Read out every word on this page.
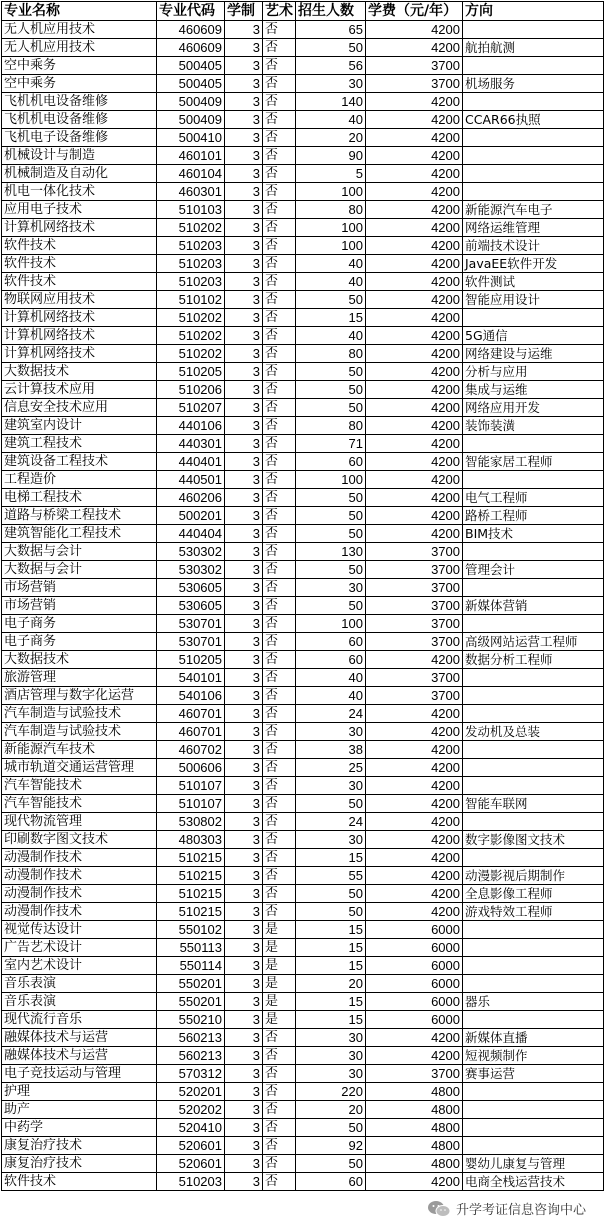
专业名称	专业代码	学制	艺术	招生人数	学费（元/年）	方向
无人机应用技术	460609	3	否	65	4200	
无人机应用技术	460609	3	否	50	4200	航拍航测
空中乘务	500405	3	否	56	3700	
空中乘务	500405	3	否	30	3700	机场服务
飞机机电设备维修	500409	3	否	140	4200	
飞机机电设备维修	500409	3	否	40	4200	CCAR66执照
飞机电子设备维修	500410	3	否	20	4200	
机械设计与制造	460101	3	否	90	4200	
机械制造及自动化	460104	3	否	5	4200	
机电一体化技术	460301	3	否	100	4200	
应用电子技术	510103	3	否	80	4200	新能源汽车电子
计算机网络技术	510202	3	否	100	4200	网络运维管理
软件技术	510203	3	否	100	4200	前端技术设计
软件技术	510203	3	否	40	4200	JavaEE软件开发
软件技术	510203	3	否	40	4200	软件测试
物联网应用技术	510102	3	否	50	4200	智能应用设计
计算机网络技术	510202	3	否	15	4200	
计算机网络技术	510202	3	否	40	4200	5G通信
计算机网络技术	510202	3	否	80	4200	网络建设与运维
大数据技术	510205	3	否	50	4200	分析与应用
云计算技术应用	510206	3	否	50	4200	集成与运维
信息安全技术应用	510207	3	否	50	4200	网络应用开发
建筑室内设计	440106	3	否	80	4200	装饰装潢
建筑工程技术	440301	3	否	71	4200	
建筑设备工程技术	440401	3	否	60	4200	智能家居工程师
工程造价	440501	3	否	100	4200	
电梯工程技术	460206	3	否	50	4200	电气工程师
道路与桥梁工程技术	500201	3	否	50	4200	路桥工程师
建筑智能化工程技术	440404	3	否	50	4200	BIM技术
大数据与会计	530302	3	否	130	3700	
大数据与会计	530302	3	否	50	3700	管理会计
市场营销	530605	3	否	30	3700	
市场营销	530605	3	否	50	3700	新媒体营销
电子商务	530701	3	否	100	3700	
电子商务	530701	3	否	60	3700	高级网站运营工程师
大数据技术	510205	3	否	60	4200	数据分析工程师
旅游管理	540101	3	否	40	3700	
酒店管理与数字化运营	540106	3	否	40	3700	
汽车制造与试验技术	460701	3	否	24	4200	
汽车制造与试验技术	460701	3	否	30	4200	发动机及总装
新能源汽车技术	460702	3	否	38	4200	
城市轨道交通运营管理	500606	3	否	25	4200	
汽车智能技术	510107	3	否	30	4200	
汽车智能技术	510107	3	否	50	4200	智能车联网
现代物流管理	530802	3	否	24	4200	
印刷数字图文技术	480303	3	否	30	4200	数字影像图文技术
动漫制作技术	510215	3	否	15	4200	
动漫制作技术	510215	3	否	55	4200	动漫影视后期制作
动漫制作技术	510215	3	否	50	4200	全息影像工程师
动漫制作技术	510215	3	否	50	4200	游戏特效工程师
视觉传达设计	550102	3	是	15	6000	
广告艺术设计	550113	3	是	15	6000	
室内艺术设计	550114	3	是	15	6000	
音乐表演	550201	3	是	20	6000	
音乐表演	550201	3	是	15	6000	器乐
现代流行音乐	550210	3	是	15	6000	
融媒体技术与运营	560213	3	否	30	4200	新媒体直播
融媒体技术与运营	560213	3	否	30	4200	短视频制作
电子竞技运动与管理	570312	3	否	30	3700	赛事运营
护理	520201	3	否	220	4800	
助产	520202	3	否	20	4800	
中药学	520410	3	否	50	4800	
康复治疗技术	520601	3	否	92	4800	
康复治疗技术	520601	3	否	50	4800	婴幼儿康复与管理
软件技术	510203	3	否	60	4200	电商全栈运营技术
升学考证信息咨询中心
